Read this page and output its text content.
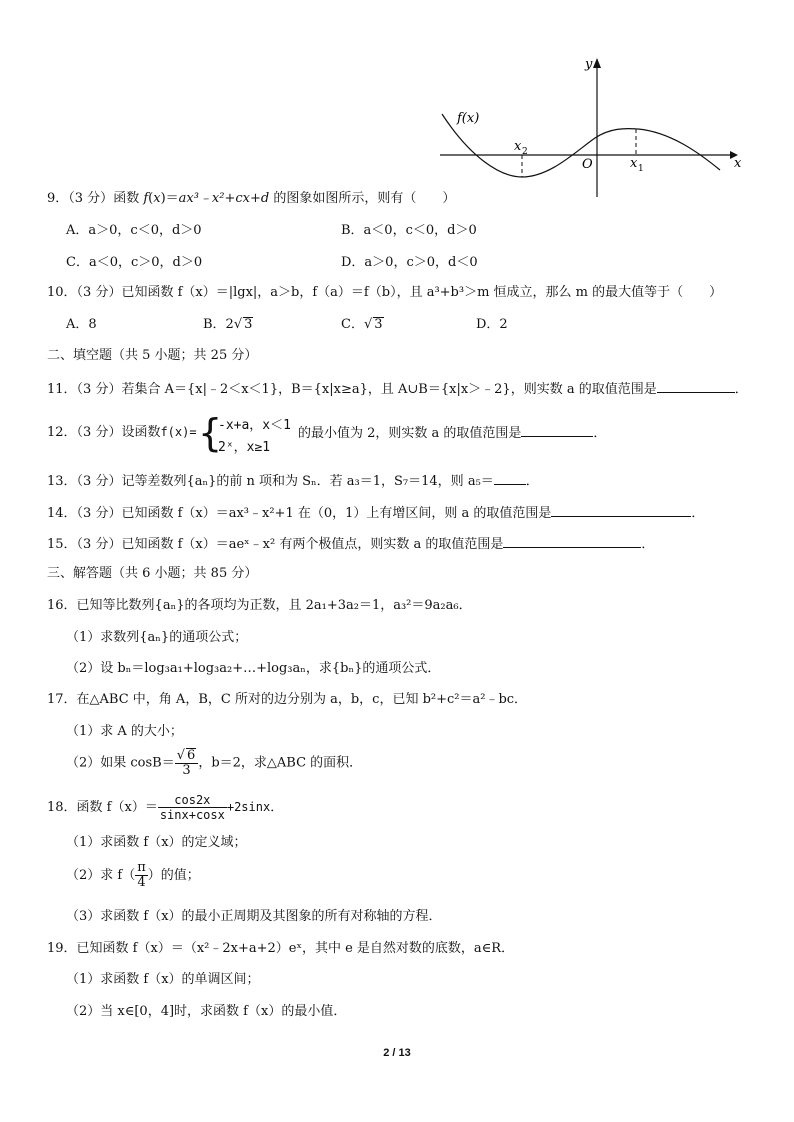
y
x
f(x)
x 2
O	x 1
9．（3 分）函数 f(x)＝ax³﹣x²+cx+d 的图象如图所示，则有（　　）
A．a＞0，c＜0，d＞0	B．a＜0，c＜0，d＞0
C．a＜0，c＞0，d＞0	D．a＞0，c＞0，d＜0
10．（3 分）已知函数 f（x）＝|lgx|，a＞b，f（a）＝f（b），且 a³+b³＞m 恒成立，那么 m 的最大值等于（　　）
A．8	B．2√ 3	C．√ 3	D．2
二、填空题（共 5 小题；共 25 分）
11．（3 分）若集合 A＝{x|﹣2＜x＜1}，B＝{x|x≥a}，且 A∪B＝{x|x＞﹣2}，则实数 a 的取值范围是	．
12．（3 分）设函数f(x)= {
-x+a，x＜1
2ˣ，x≥1
的最小值为 2，则实数 a 的取值范围是	．
13．（3 分）记等差数列{aₙ}的前 n 项和为 Sₙ．若 a₃＝1，S₇＝14，则 a₅＝ ．
14．（3 分）已知函数 f（x）＝ax³﹣x²+1 在（0，1）上有增区间，则 a 的取值范围是	．
15．（3 分）已知函数 f（x）＝aeˣ﹣x² 有两个极值点，则实数 a 的取值范围是	．
三、解答题（共 6 小题；共 85 分）
16．已知等比数列{aₙ}的各项均为正数，且 2a₁+3a₂＝1，a₃²＝9a₂a₆．
（1）求数列{aₙ}的通项公式；
（2）设 bₙ＝log₃a₁+log₃a₂+…+log₃aₙ，求{bₙ}的通项公式．
17．在△ABC 中，角 A，B，C 所对的边分别为 a，b，c，已知 b²+c²＝a²﹣bc．
（1）求 A 的大小；
（2）如果 $\cos B= \frac{√ 6}{3}$ ，b＝2，求△ABC 的面积．
18．函数 $f(x)= \frac{\cos 2x}{\sin x+\cos x} +2\sin x$．
（1）求函数 f（x）的定义域；
（2）求 $f( \frac{\pi}{4}$ ）的值；
（3）求函数 f（x）的最小正周期及其图象的所有对称轴的方程．
19．已知函数 f（x）＝（x²﹣2x+a+2）eˣ，其中 e 是自然对数的底数，a∈R．
（1）求函数 f（x）的单调区间；
（2）当 x∈[0，4]时，求函数 f（x）的最小值．
2 / 13
